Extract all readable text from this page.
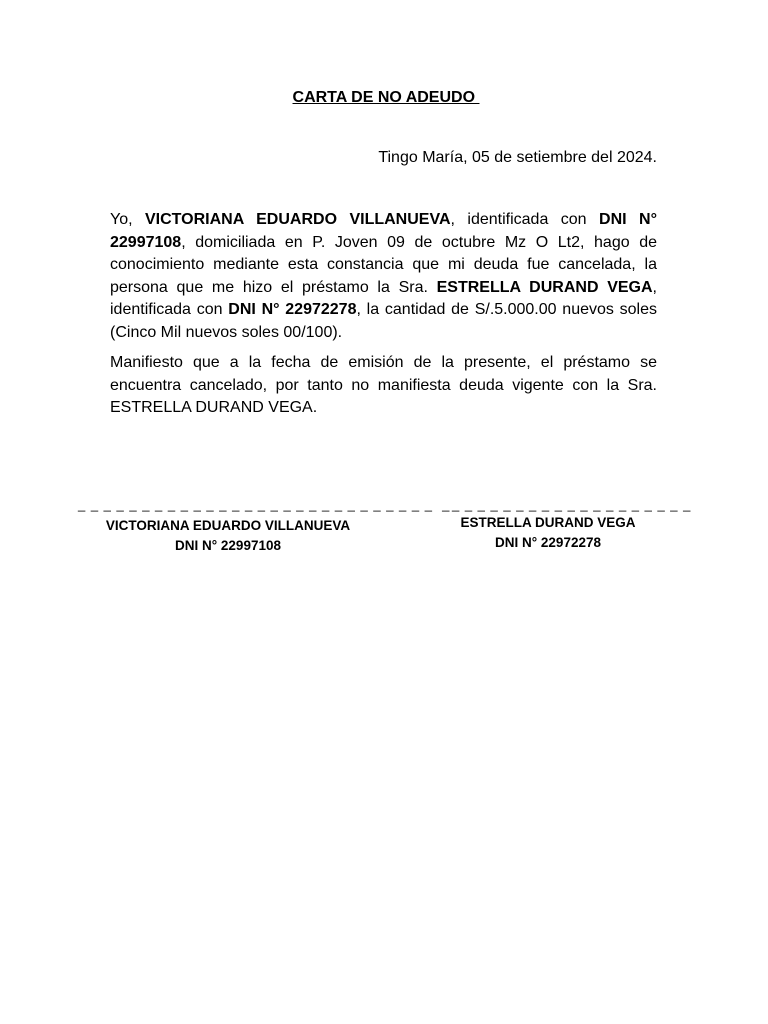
CARTA DE NO ADEUDO
Tingo María, 05 de setiembre del 2024.

Yo, VICTORIANA EDUARDO VILLANUEVA, identificada con DNI N° 22997108, domiciliada en P. Joven 09 de octubre Mz O Lt2, hago de conocimiento mediante esta constancia que mi deuda fue cancelada, la persona que me hizo el préstamo la Sra. ESTRELLA DURAND VEGA, identificada con DNI N° 22972278, la cantidad de S/.5.000.00 nuevos soles (Cinco Mil nuevos soles 00/100).

Manifiesto que a la fecha de emisión de la presente, el préstamo se encuentra cancelado, por tanto no manifiesta deuda vigente con la Sra. ESTRELLA DURAND VEGA.

_ _ _ _ _ _ _ _ _ _ _ _ _ _ _ _ _ _ _ _ _ _ _ _ _ _ _ _  _
VICTORIANA EDUARDO VILLANUEVA
DNI N° 22997108
_ _ _ _ _ _ _ _ _ _ _ _ _ _ _ _ _ _ _
ESTRELLA DURAND VEGA
DNI N° 22972278
